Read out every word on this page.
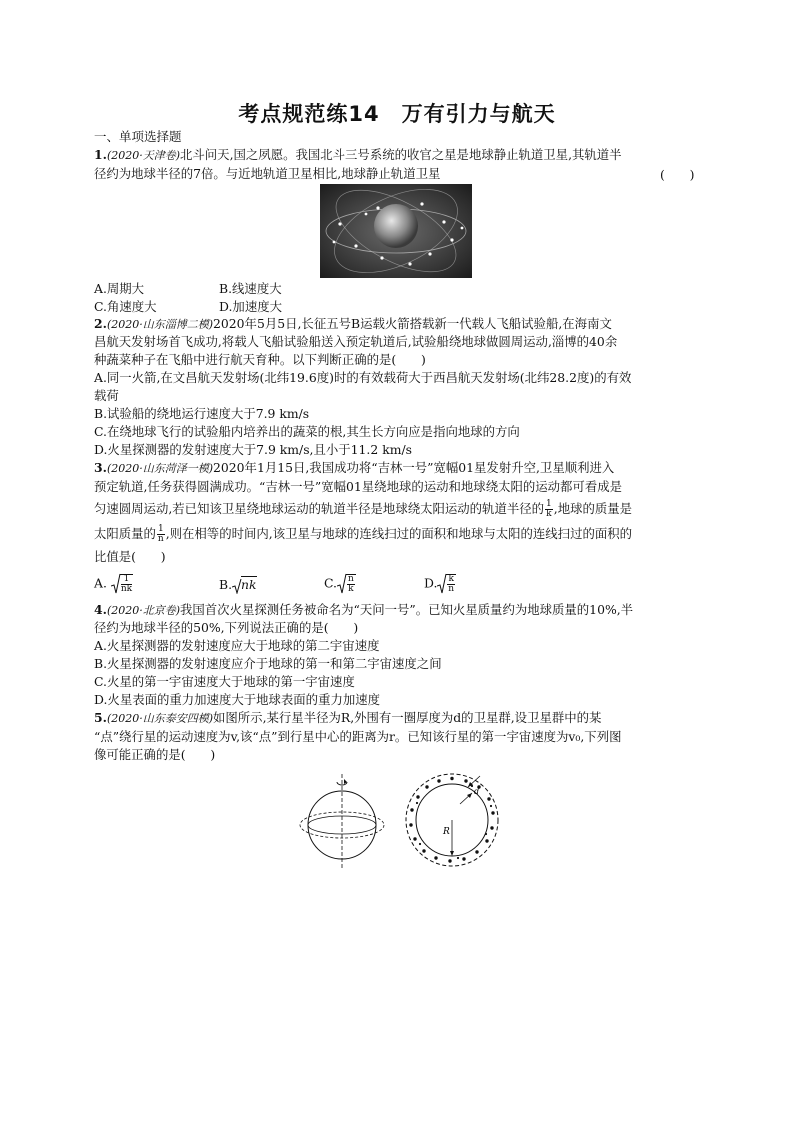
考点规范练14　万有引力与航天
一、单项选择题
1.(2020·天津卷)北斗问天,国之夙愿。我国北斗三号系统的收官之星是地球静止轨道卫星,其轨道半
径约为地球半径的7倍。与近地轨道卫星相比,地球静止轨道卫星	(　　)
A.周期大	B.线速度大
C.角速度大	D.加速度大
2.(2020·山东淄博二模)2020年5月5日,长征五号B运载火箭搭载新一代载人飞船试验船,在海南文
昌航天发射场首飞成功,将载人飞船试验船送入预定轨道后,试验船绕地球做圆周运动,淄博的40余
种蔬菜种子在飞船中进行航天育种。以下判断正确的是(　　)
A.同一火箭,在文昌航天发射场(北纬19.6度)时的有效载荷大于西昌航天发射场(北纬28.2度)的有效
载荷
B.试验船的绕地运行速度大于7.9 km/s
C.在绕地球飞行的试验船内培养出的蔬菜的根,其生长方向应是指向地球的方向
D.火星探测器的发射速度大于7.9 km/s,且小于11.2 km/s
3.(2020·山东菏泽一模)2020年1月15日,我国成功将“吉林一号”宽幅01星发射升空,卫星顺利进入
预定轨道,任务获得圆满成功。“吉林一号”宽幅01星绕地球的运动和地球绕太阳的运动都可看成是
匀速圆周运动,若已知该卫星绕地球运动的轨道半径是地球绕太阳运动的轨道半径的 $\frac{1}{k}$ ,地球的质量是
太阳质量的 $\frac{1}{n}$ ,则在相等的时间内,该卫星与地球的连线扫过的面积和地球与太阳的连线扫过的面积的
比值是(　　)
A. $\frac{1}{nk}$	B. nk	C. $\frac{n}{k}$	D. $\frac{k}{n}$
4.(2020·北京卷)我国首次火星探测任务被命名为“天问一号”。已知火星质量约为地球质量的10%,半
径约为地球半径的50%,下列说法正确的是(　　)
A.火星探测器的发射速度应大于地球的第二宇宙速度
B.火星探测器的发射速度应介于地球的第一和第二宇宙速度之间
C.火星的第一宇宙速度大于地球的第一宇宙速度
D.火星表面的重力加速度大于地球表面的重力加速度
5.(2020·山东泰安四模)如图所示,某行星半径为R,外围有一圈厚度为d的卫星群,设卫星群中的某
“点”绕行星的运动速度为v,该“点”到行星中心的距离为r。已知该行星的第一宇宙速度为v₀,下列图
像可能正确的是(　　)
R
d
